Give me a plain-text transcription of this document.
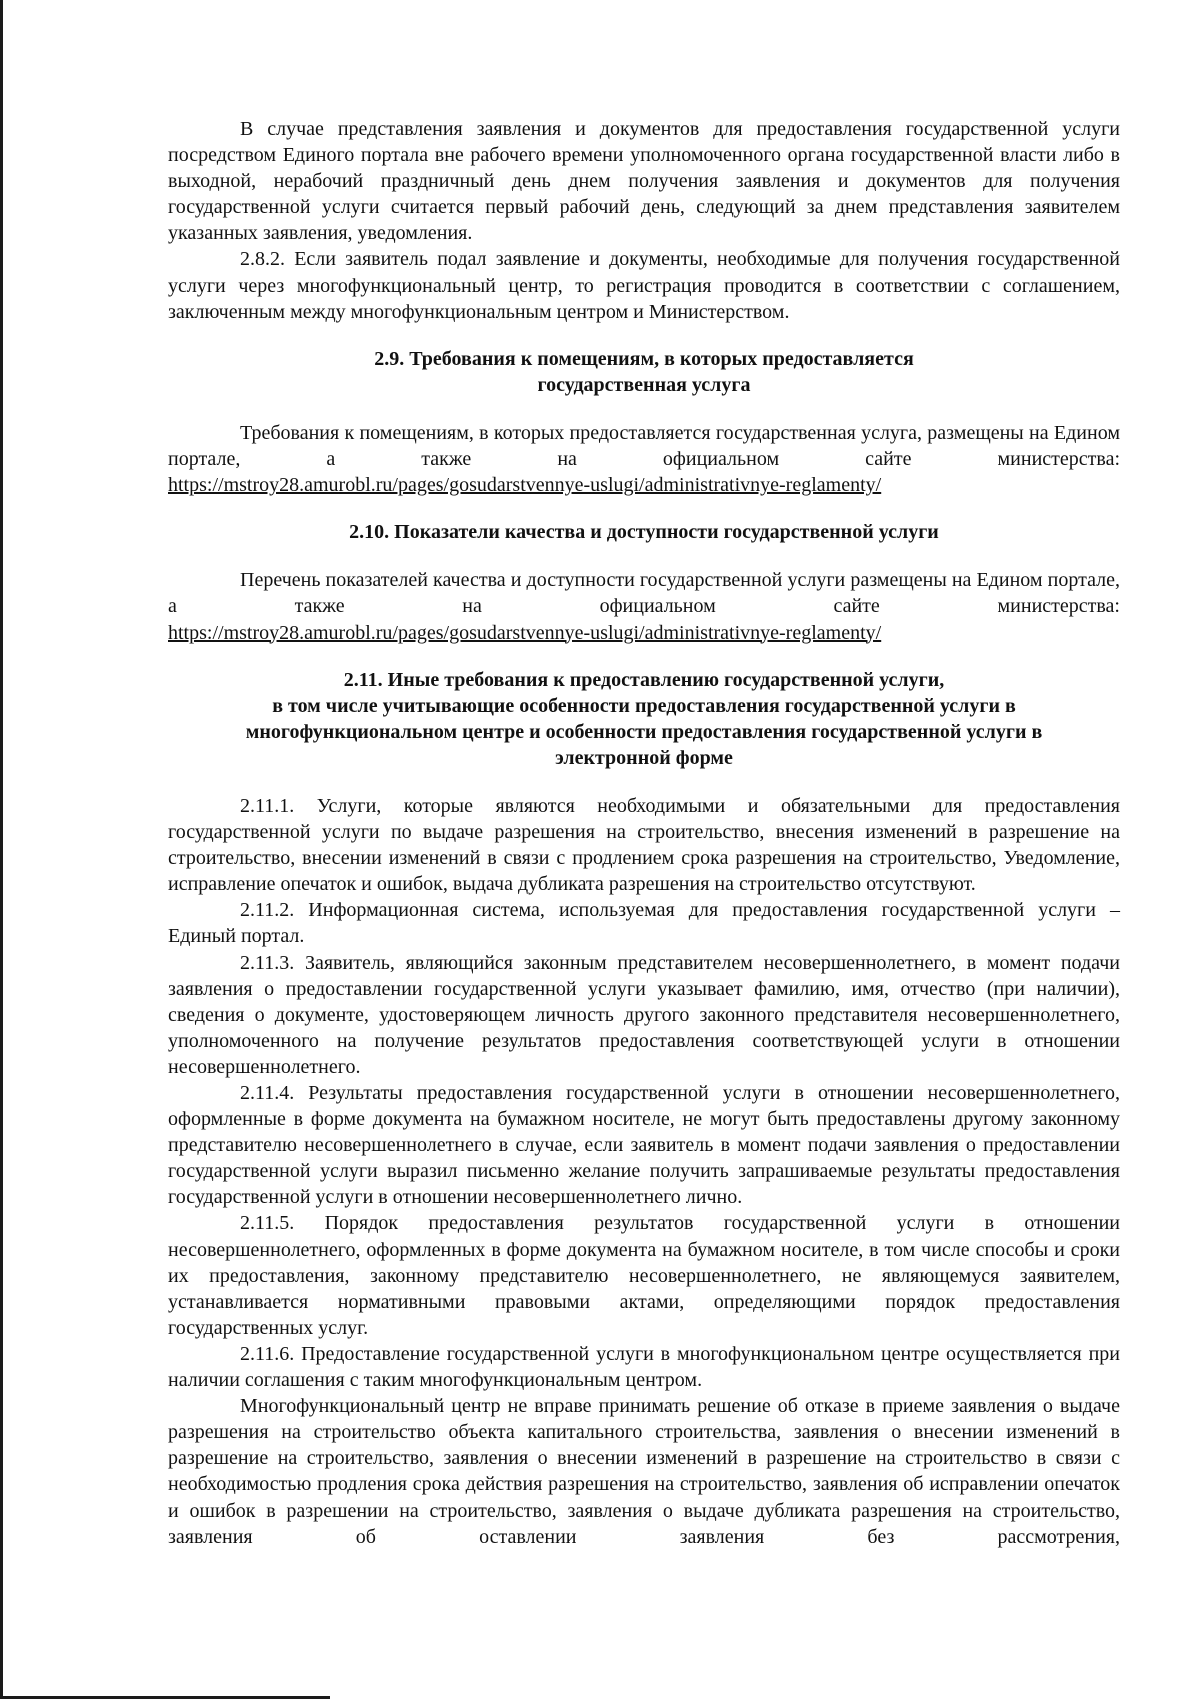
В случае представления заявления и документов для предоставления государственной услуги посредством Единого портала вне рабочего времени уполномоченного органа государственной власти либо в выходной, нерабочий праздничный день днем получения заявления и документов для получения государственной услуги считается первый рабочий день, следующий за днем представления заявителем указанных заявления, уведомления.

2.8.2. Если заявитель подал заявление и документы, необходимые для получения государственной услуги через многофункциональный центр, то регистрация проводится в соответствии с соглашением, заключенным между многофункциональным центром и Министерством.

2.9. Требования к помещениям, в которых предоставляется
государственная услуга

Требования к помещениям, в которых предоставляется государственная услуга, размещены на Едином портале, а также на официальном сайте министерства:

https://mstroy28.amurobl.ru/pages/gosudarstvennye-uslugi/administrativnye-reglamenty/
2.10. Показатели качества и доступности государственной услуги

Перечень показателей качества и доступности государственной услуги размещены на Едином портале, а также на официальном сайте министерства:

https://mstroy28.amurobl.ru/pages/gosudarstvennye-uslugi/administrativnye-reglamenty/
2.11. Иные требования к предоставлению государственной услуги,
в том числе учитывающие особенности предоставления государственной услуги в
многофункциональном центре и особенности предоставления государственной услуги в
электронной форме

2.11.1. Услуги, которые являются необходимыми и обязательными для предоставления государственной услуги по выдаче разрешения на строительство, внесения изменений в разрешение на строительство, внесении изменений в связи с продлением срока разрешения на строительство, Уведомление, исправление опечаток и ошибок, выдача дубликата разрешения на строительство отсутствуют.

2.11.2. Информационная система, используемая для предоставления государственной услуги – Единый портал.

2.11.3. Заявитель, являющийся законным представителем несовершеннолетнего, в момент подачи заявления о предоставлении государственной услуги указывает фамилию, имя, отчество (при наличии), сведения о документе, удостоверяющем личность другого законного представителя несовершеннолетнего, уполномоченного на получение результатов предоставления соответствующей услуги в отношении несовершеннолетнего.

2.11.4. Результаты предоставления государственной услуги в отношении несовершеннолетнего, оформленные в форме документа на бумажном носителе, не могут быть предоставлены другому законному представителю несовершеннолетнего в случае, если заявитель в момент подачи заявления о предоставлении государственной услуги выразил письменно желание получить запрашиваемые результаты предоставления государственной услуги в отношении несовершеннолетнего лично.

2.11.5. Порядок предоставления результатов государственной услуги в отношении несовершеннолетнего, оформленных в форме документа на бумажном носителе, в том числе способы и сроки их предоставления, законному представителю несовершеннолетнего, не являющемуся заявителем, устанавливается нормативными правовыми актами, определяющими порядок предоставления государственных услуг.

2.11.6. Предоставление государственной услуги в многофункциональном центре осуществляется при наличии соглашения с таким многофункциональным центром.

Многофункциональный центр не вправе принимать решение об отказе в приеме заявления о выдаче разрешения на строительство объекта капитального строительства, заявления о внесении изменений в разрешение на строительство, заявления о внесении изменений в разрешение на строительство в связи с необходимостью продления срока действия разрешения на строительство, заявления об исправлении опечаток и ошибок в разрешении на строительство, заявления о выдаче дубликата разрешения на строительство, заявления об оставлении заявления без рассмотрения,
